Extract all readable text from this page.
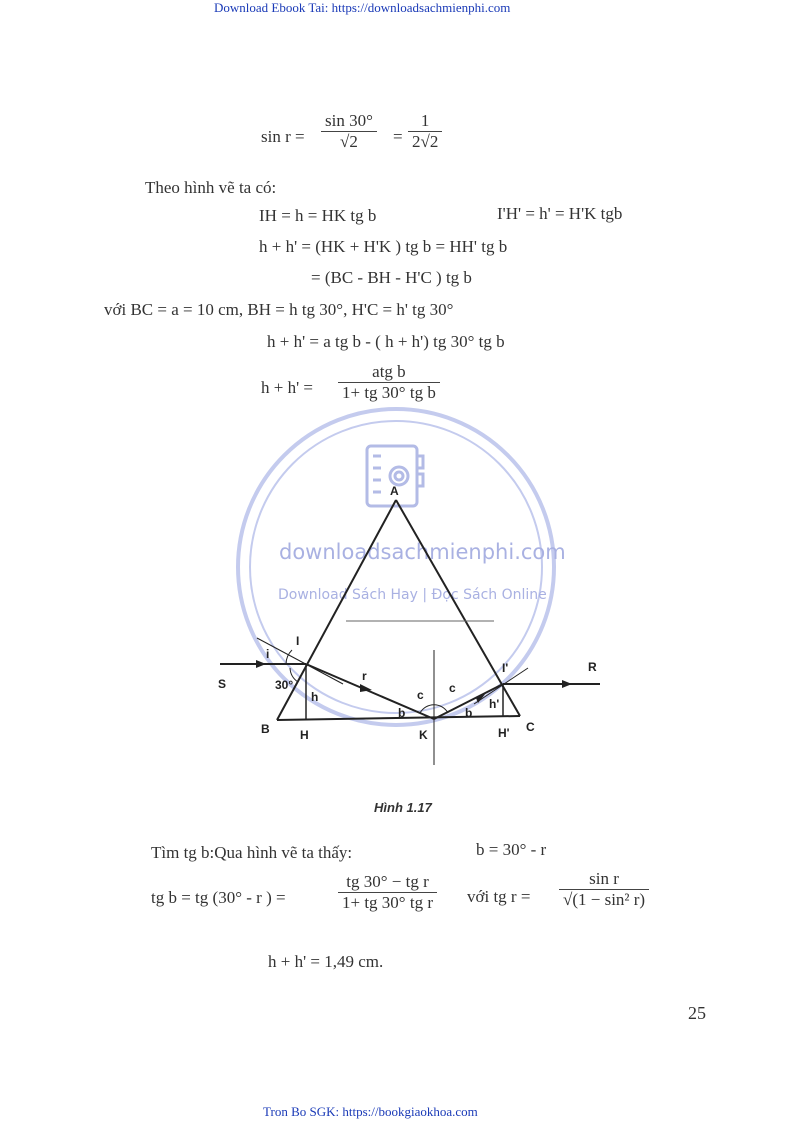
Download Ebook Tai: https://downloadsachmienphi.com
Tron Bo SGK: https://bookgiaokhoa.com
sin r =
sin 30°
√2 =
1
2√2
Theo hình vẽ ta có:
IH = h = HK tg b	I'H' = h' = H'K tgb
h + h' = (HK + H'K ) tg b = HH' tg b
= (BC - BH - H'C ) tg b
với BC = a = 10 cm, BH = h tg 30°, H'C = h' tg 30°
h + h' = a tg b - ( h + h') tg 30° tg b
h + h' =
atg b
1+ tg 30° tg b
downloadsachmienphi.com
Download Sách Hay | Đọc Sách Online
A
B	C
H	K	H'
I
I'
S
R
i
r
h	h'
30°
c c
b	b
Hình 1.17
Tìm tg b:Qua hình vẽ ta thấy:	b = 30° - r
tg b = tg (30° - r ) =
tg 30° − tg r
1+ tg 30° tg r với tg r =
sin r
√(1 − sin² r)
h + h' = 1,49 cm.
25
